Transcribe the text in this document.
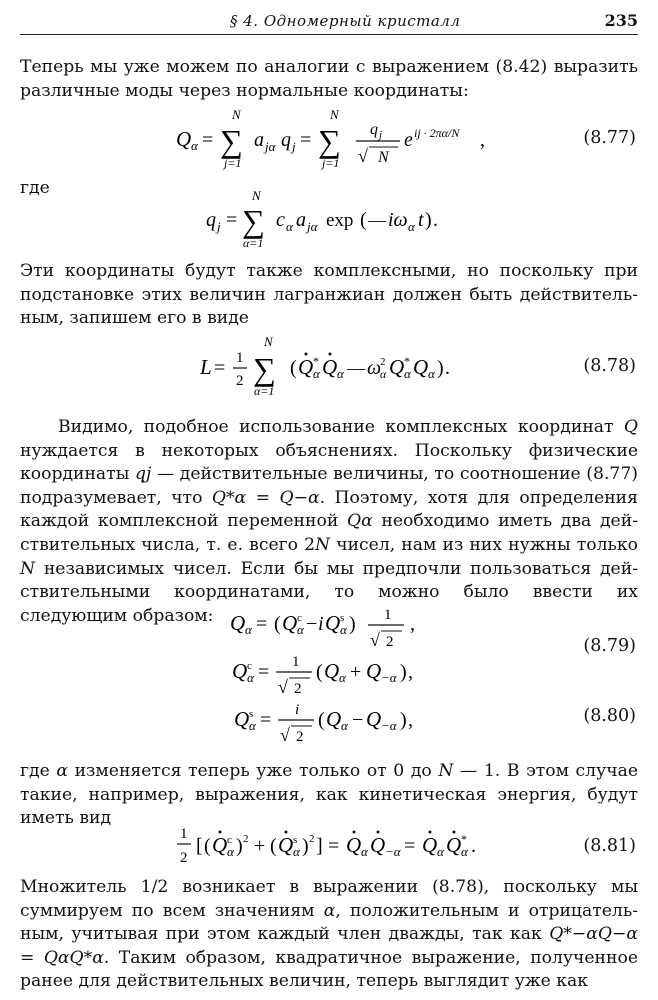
§ 4. Одномерный кристалл	235

Теперь мы уже можем по аналогии с выражением (8.42) выразить различные моды через нормальные координаты:

Q α =
N
∑
j=1
a jα q j =
N
∑
j=1
q j
√ N
e ij · 2πα/N ,	(8.77)
где
q j =
N
∑
α=1
c α a jα exp ( — iω α t ) .

Эти координаты будут также комплексными, но поскольку при подстановке этих величин лагранжиан должен быть действительным, запишем его в виде

L = 1
2
N
∑
α=1
( Q *
α Q α — ω
2
α Q *
α Q α ) .	(8.78)

Видимо, подобное использование комплексных координат Q нуждается в некоторых объяснениях. Поскольку физические координаты qj — действительные величины, то соотношение (8.77) подразумевает, что Q*α = Q−α. Поэтому, хотя для определения каждой комплексной переменной Qα необходимо иметь два действительных числа, т. е. всего 2N чисел, нам из них нужны только N независимых чисел. Если бы мы предпочли пользоваться действительными координатами, то можно было ввести их следующим образом: Q α = ( Q c
α − i Q s
α ) 1
√ 2
,
Q c
α = 1
√ 2
( Q α + Q −α ) ,
Q s
α = i
√ 2
( Q α − Q −α ) ,
(8.79)
(8.80)

где α изменяется теперь уже только от 0 до N — 1. В этом случае такие, например, выражения, как кинетическая энергия, будут иметь вид

1
2
[ ( Q c
α ) 2 + ( Q s
α ) 2 ] = Q α Q −α = Q α Q *
α .	(8.81)

Множитель 1/2 возникает в выражении (8.78), поскольку мы суммируем по всем значениям α, положительным и отрицательным, учитывая при этом каждый член дважды, так как Q*−αQ−α = QαQ*α. Таким образом, квадратичное выражение, полученное ранее для действительных величин, теперь выглядит уже как
